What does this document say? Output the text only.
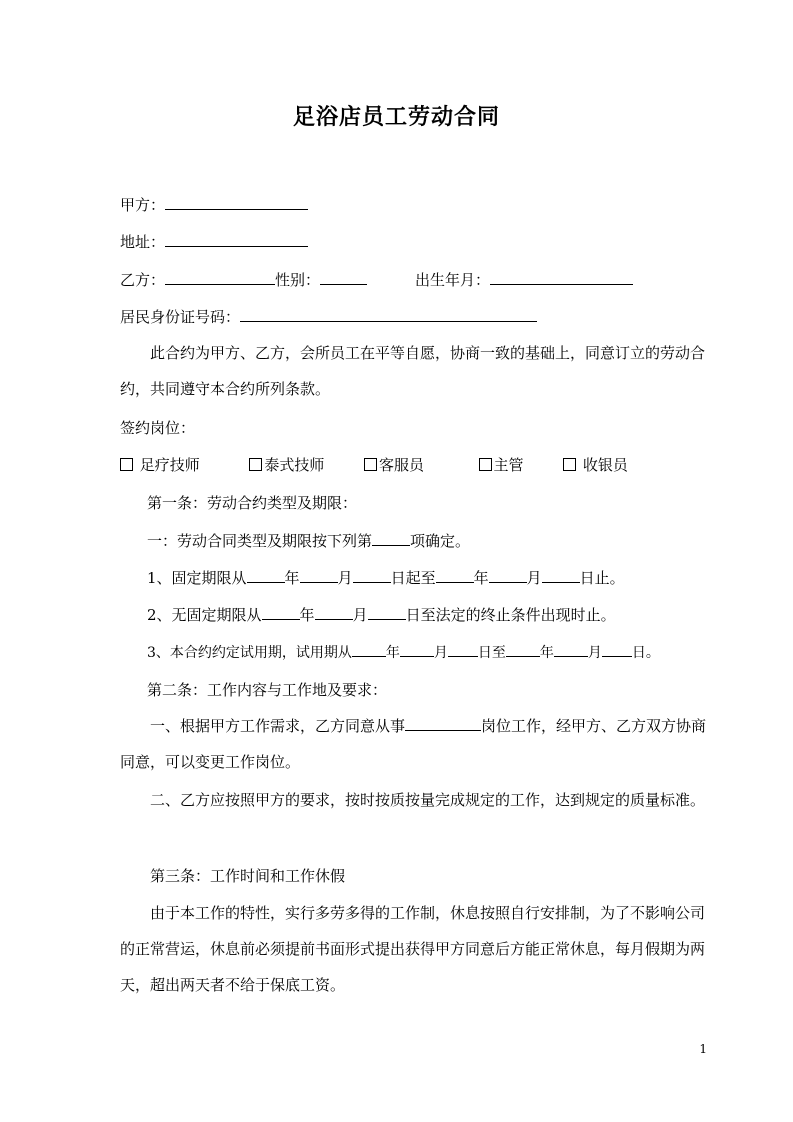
足浴店员工劳动合同
甲方：
地址：
乙方：	性别：	出生年月：
居民身份证号码：
此合约为甲方、乙方，会所员工在平等自愿，协商一致的基础上，同意订立的劳动合约，共同遵守本合约所列条款。
签约岗位：
足疗技师	泰式技师	客服员	主管	收银员
第一条：劳动合约类型及期限：
一：劳动合同类型及期限按下列第	项确定。
1、固定期限从	年	月	日起至	年	月	日止。
2、无固定期限从	年	月	日至法定的终止条件出现时止。
3、本合约约定试用期，试用期从 年 月 日至 年 月 日。
第二条：工作内容与工作地及要求：
一、根据甲方工作需求，乙方同意从事	岗位工作，经甲方、乙方双方协商同意，可以变更工作岗位。
二、乙方应按照甲方的要求，按时按质按量完成规定的工作，达到规定的质量标准。
第三条：工作时间和工作休假
由于本工作的特性，实行多劳多得的工作制，休息按照自行安排制，为了不影响公司的正常营运，休息前必须提前书面形式提出获得甲方同意后方能正常休息，每月假期为两天，超出两天者不给于保底工资。
1
